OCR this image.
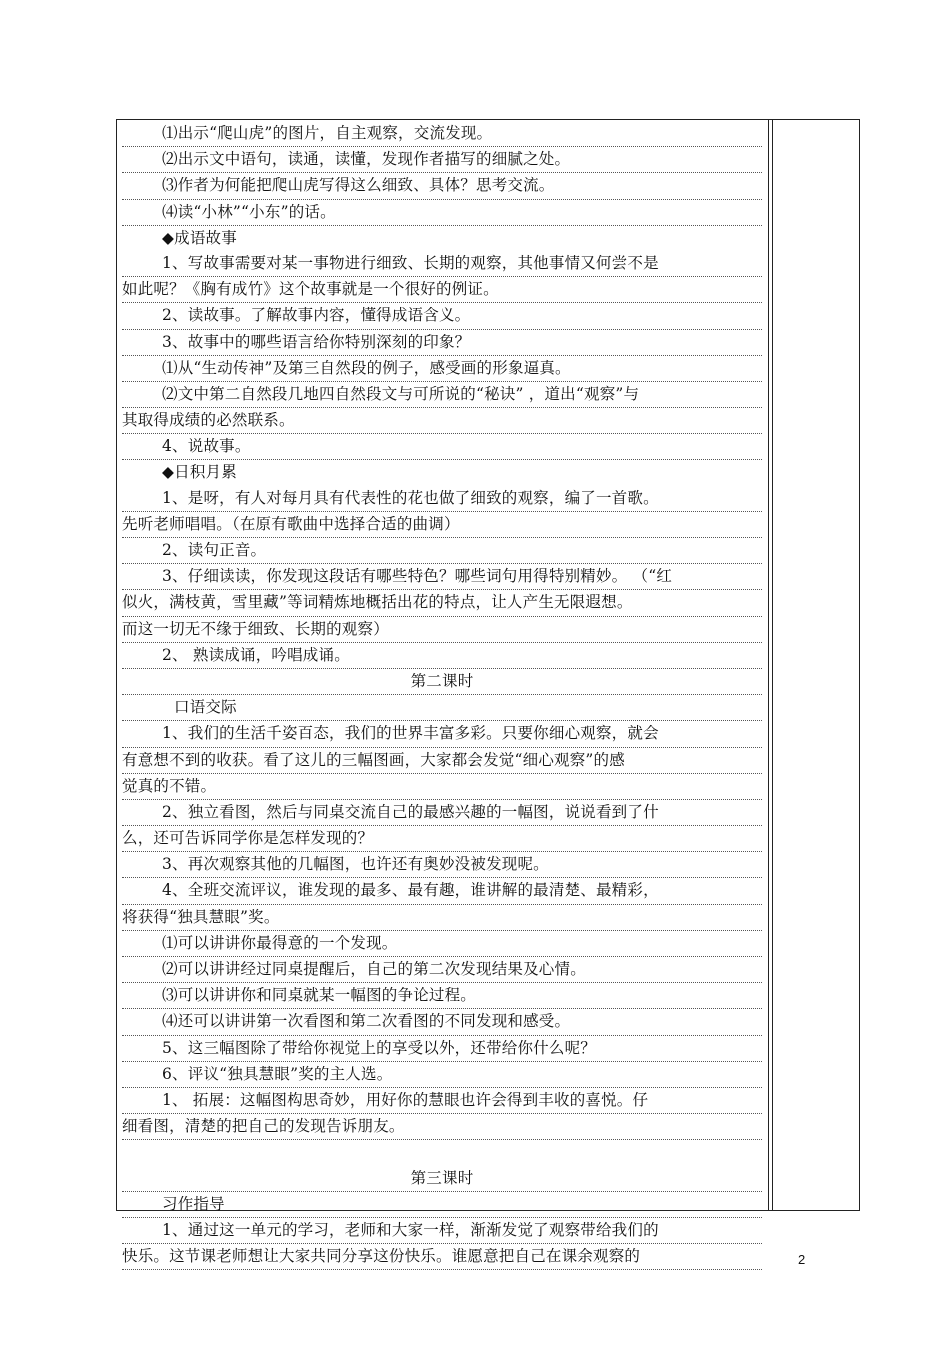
⑴出示“爬山虎”的图片，自主观察，交流发现。
⑵出示文中语句，读通，读懂，发现作者描写的细腻之处。
⑶作者为何能把爬山虎写得这么细致、具体？思考交流。
⑷读“小林”“小东”的话。
◆成语故事
1、写故事需要对某一事物进行细致、长期的观察，其他事情又何尝不是
如此呢？《胸有成竹》这个故事就是一个很好的例证。
2、读故事。了解故事内容，懂得成语含义。
3、故事中的哪些语言给你特别深刻的印象？
⑴从“生动传神”及第三自然段的例子，感受画的形象逼真。
⑵文中第二自然段几地四自然段文与可所说的“秘诀” ，道出“观察”与
其取得成绩的必然联系。
4、说故事。
◆日积月累
1、是呀，有人对每月具有代表性的花也做了细致的观察，编了一首歌。
先听老师唱唱。（在原有歌曲中选择合适的曲调）
2、读句正音。
3、仔细读读，你发现这段话有哪些特色？哪些词句用得特别精妙。 （“红
似火，满枝黄，雪里藏”等词精炼地概括出花的特点，让人产生无限遐想。
而这一切无不缘于细致、长期的观察）
2、 熟读成诵，吟唱成诵。
第二课时
口语交际
1、我们的生活千姿百态，我们的世界丰富多彩。只要你细心观察，就会
有意想不到的收获。看了这儿的三幅图画，大家都会发觉“细心观察”的感
觉真的不错。
2、独立看图，然后与同桌交流自己的最感兴趣的一幅图，说说看到了什
么，还可告诉同学你是怎样发现的？
3、再次观察其他的几幅图，也许还有奥妙没被发现呢。
4、全班交流评议，谁发现的最多、最有趣，谁讲解的最清楚、最精彩，
将获得“独具慧眼”奖。
⑴可以讲讲你最得意的一个发现。
⑵可以讲讲经过同桌提醒后，自己的第二次发现结果及心情。
⑶可以讲讲你和同桌就某一幅图的争论过程。
⑷还可以讲讲第一次看图和第二次看图的不同发现和感受。
5、这三幅图除了带给你视觉上的享受以外，还带给你什么呢？
6、评议“独具慧眼”奖的主人选。
1、 拓展：这幅图构思奇妙，用好你的慧眼也许会得到丰收的喜悦。仔
细看图，清楚的把自己的发现告诉朋友。
第三课时
习作指导
1、通过这一单元的学习，老师和大家一样，渐渐发觉了观察带给我们的
快乐。这节课老师想让大家共同分享这份快乐。谁愿意把自己在课余观察的	2
